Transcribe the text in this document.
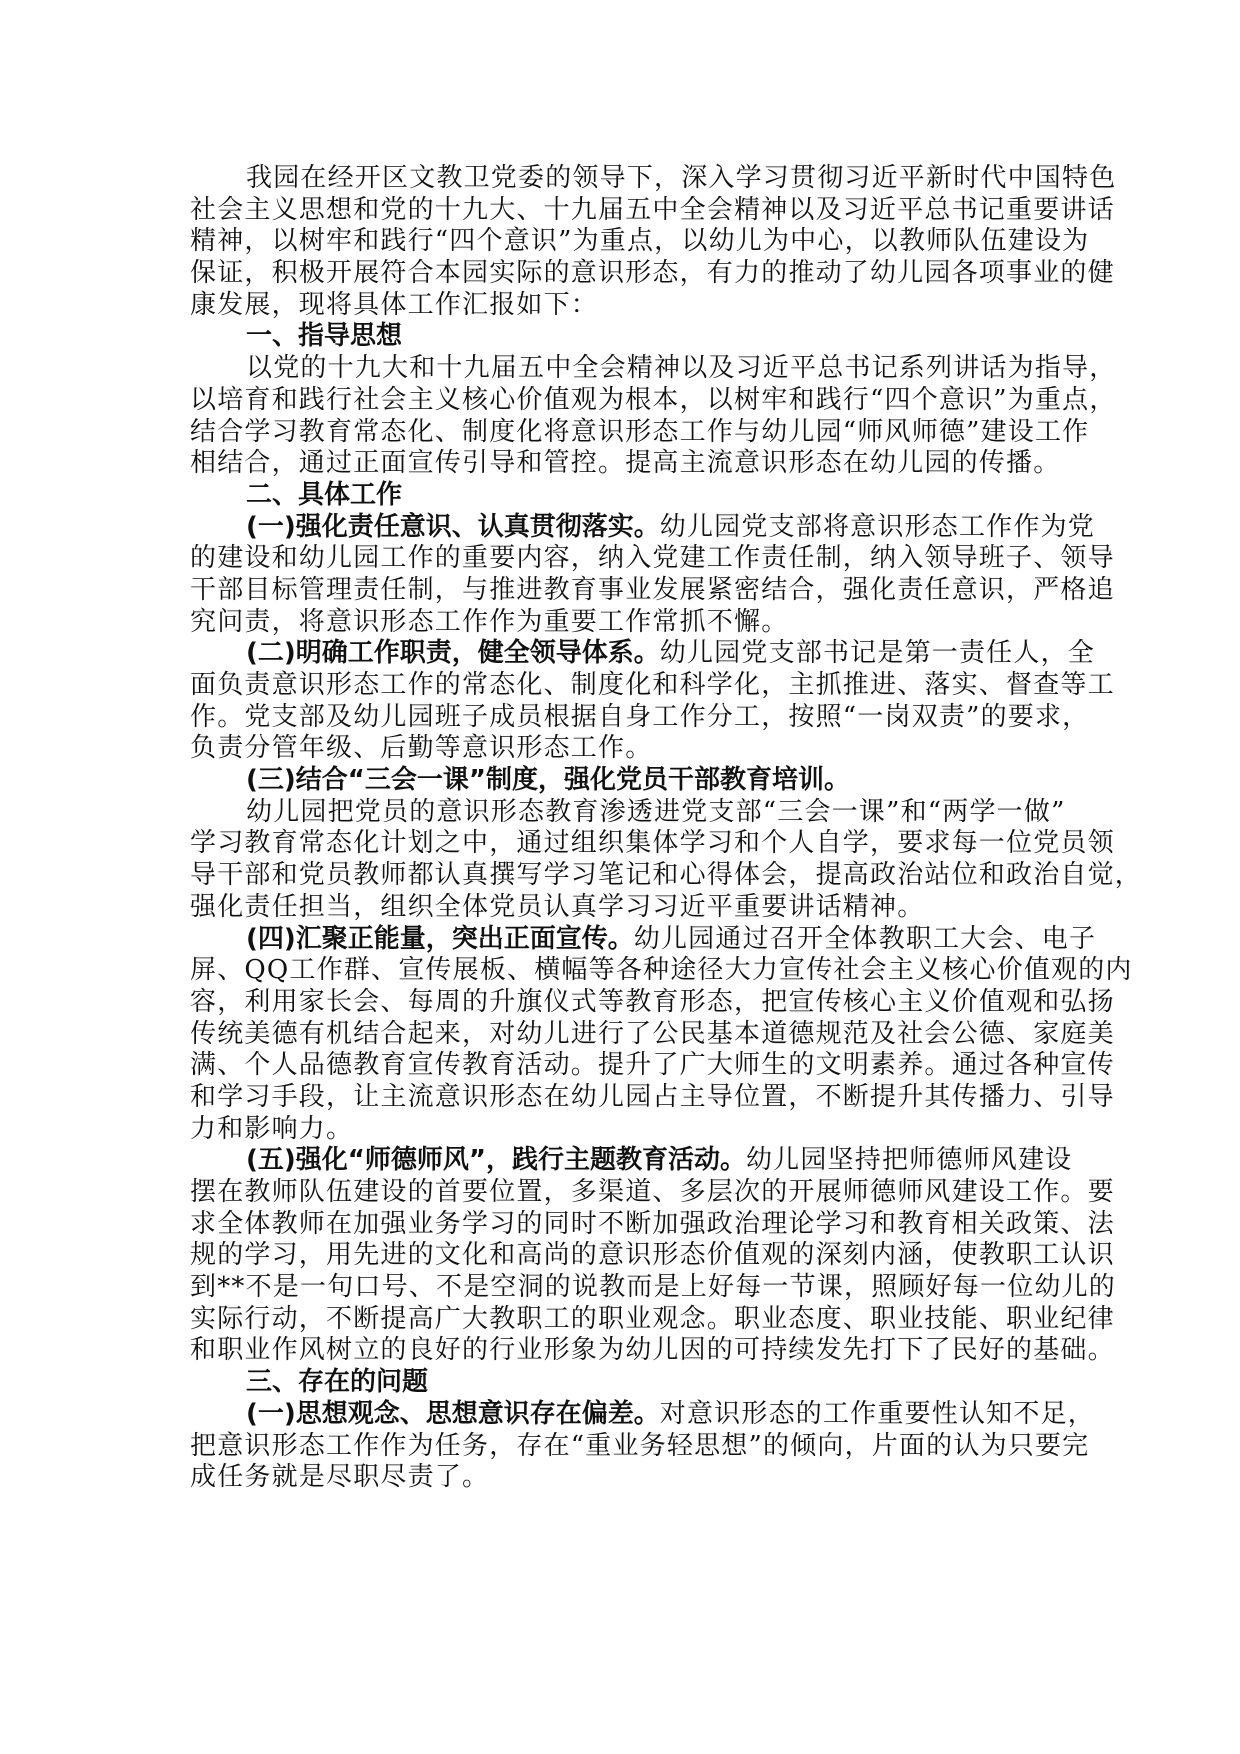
我园在经开区文教卫党委的领导下，深入学习贯彻习近平新时代中国特色
社会主义思想和党的十九大、十九届五中全会精神以及习近平总书记重要讲话
精神，以树牢和践行“四个意识”为重点，以幼儿为中心，以教师队伍建设为
保证，积极开展符合本园实际的意识形态，有力的推动了幼儿园各项事业的健
康发展，现将具体工作汇报如下：
一、指导思想
以党的十九大和十九届五中全会精神以及习近平总书记系列讲话为指导，
以培育和践行社会主义核心价值观为根本，以树牢和践行“四个意识”为重点，
结合学习教育常态化、制度化将意识形态工作与幼儿园“师风师德”建设工作
相结合，通过正面宣传引导和管控。提高主流意识形态在幼儿园的传播。
二、具体工作
(一)强化责任意识、认真贯彻落实。幼儿园党支部将意识形态工作作为党
的建设和幼儿园工作的重要内容，纳入党建工作责任制，纳入领导班子、领导
干部目标管理责任制，与推进教育事业发展紧密结合，强化责任意识，严格追
究问责，将意识形态工作作为重要工作常抓不懈。
(二)明确工作职责，健全领导体系。幼儿园党支部书记是第一责任人，全
面负责意识形态工作的常态化、制度化和科学化，主抓推进、落实、督查等工
作。党支部及幼儿园班子成员根据自身工作分工，按照“一岗双责”的要求，
负责分管年级、后勤等意识形态工作。
(三)结合“三会一课”制度，强化党员干部教育培训。
幼儿园把党员的意识形态教育渗透进党支部“三会一课”和“两学一做”
学习教育常态化计划之中，通过组织集体学习和个人自学，要求每一位党员领
导干部和党员教师都认真撰写学习笔记和心得体会，提高政治站位和政治自觉，
强化责任担当，组织全体党员认真学习习近平重要讲话精神。
(四)汇聚正能量，突出正面宣传。幼儿园通过召开全体教职工大会、电子
屏、QQ工作群、宣传展板、横幅等各种途径大力宣传社会主义核心价值观的内
容，利用家长会、每周的升旗仪式等教育形态，把宣传核心主义价值观和弘扬
传统美德有机结合起来，对幼儿进行了公民基本道德规范及社会公德、家庭美
满、个人品德教育宣传教育活动。提升了广大师生的文明素养。通过各种宣传
和学习手段，让主流意识形态在幼儿园占主导位置，不断提升其传播力、引导
力和影响力。
(五)强化“师德师风”，践行主题教育活动。幼儿园坚持把师德师风建设
摆在教师队伍建设的首要位置，多渠道、多层次的开展师德师风建设工作。要
求全体教师在加强业务学习的同时不断加强政治理论学习和教育相关政策、法
规的学习，用先进的文化和高尚的意识形态价值观的深刻内涵，使教职工认识
到**不是一句口号、不是空洞的说教而是上好每一节课，照顾好每一位幼儿的
实际行动，不断提高广大教职工的职业观念。职业态度、职业技能、职业纪律
和职业作风树立的良好的行业形象为幼儿因的可持续发先打下了民好的基础。
三、存在的问题
(一)思想观念、思想意识存在偏差。对意识形态的工作重要性认知不足，
把意识形态工作作为任务，存在“重业务轻思想”的倾向，片面的认为只要完
成任务就是尽职尽责了。
